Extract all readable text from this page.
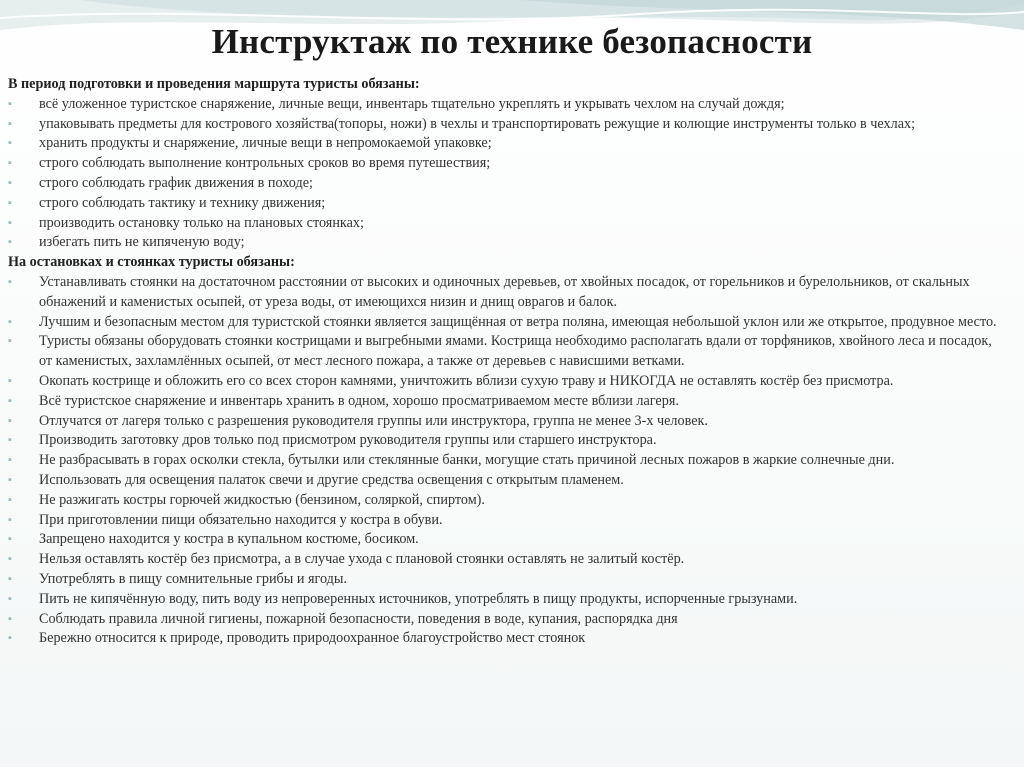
Инструктаж по технике безопасности
В период подготовки и проведения маршрута туристы обязаны:
▪	всё уложенное туристское снаряжение, личные вещи, инвентарь тщательно укреплять и укрывать чехлом на случай дождя;
▪	упаковывать предметы для кострового хозяйства(топоры, ножи) в чехлы и транспортировать режущие и колющие инструменты только в чехлах;
▪	хранить продукты и снаряжение, личные вещи в непромокаемой упаковке;
▪	строго соблюдать выполнение контрольных сроков во время путешествия;
▪	строго соблюдать график движения в походе;
▪	строго соблюдать тактику и технику движения;
▪	производить остановку только на плановых стоянках;
▪	избегать пить не кипяченую воду;
На остановках и стоянках туристы обязаны:
▪	Устанавливать стоянки на достаточном расстоянии от высоких и одиночных деревьев, от хвойных посадок, от горельников и бурелольников, от скальных обнажений и каменистых осыпей, от уреза воды, от имеющихся низин и днищ оврагов и балок.
▪	Лучшим и безопасным местом для туристской стоянки является защищённая от ветра поляна, имеющая небольшой уклон или же открытое, продувное место.
▪	Туристы обязаны оборудовать стоянки кострищами и выгребными ямами. Кострища необходимо располагать вдали от торфяников, хвойного леса и посадок, от каменистых, захламлённых осыпей, от мест лесного пожара, а также от деревьев с нависшими ветками.
▪	Окопать кострище и обложить его со всех сторон камнями, уничтожить вблизи сухую траву и НИКОГДА не оставлять костёр без присмотра.
▪	Всё туристское снаряжение и инвентарь хранить в одном, хорошо просматриваемом месте вблизи лагеря.
▪	Отлучатся от лагеря только с разрешения руководителя группы или инструктора, группа не менее 3-х человек.
▪	Производить заготовку дров только под присмотром руководителя группы или старшего инструктора.
▪	Не разбрасывать в горах осколки стекла, бутылки или стеклянные банки, могущие стать причиной лесных пожаров в жаркие солнечные дни.
▪	Использовать для освещения палаток свечи и другие средства освещения с открытым пламенем.
▪	Не разжигать костры горючей жидкостью (бензином, соляркой, спиртом).
▪	При приготовлении пищи обязательно находится у костра в обуви.
▪	Запрещено находится у костра в купальном костюме, босиком.
▪	Нельзя оставлять костёр без присмотра, а в случае ухода с плановой стоянки оставлять не залитый костёр.
▪	Употреблять в пищу сомнительные грибы и ягоды.
▪	Пить не кипячённую воду, пить воду из непроверенных источников, употреблять в пищу продукты, испорченные грызунами.
▪	Соблюдать правила личной гигиены, пожарной безопасности, поведения в воде, купания, распорядка дня
▪	Бережно относится к природе, проводить природоохранное благоустройство мест стоянок
